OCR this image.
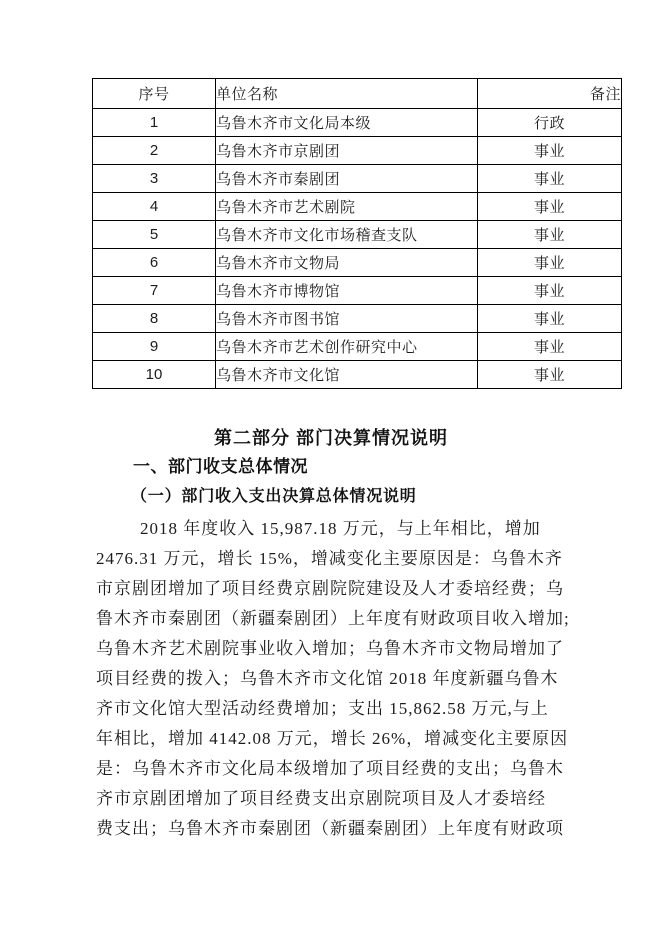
序号	单位名称	备注
1	乌鲁木齐市文化局本级	行政
2	乌鲁木齐市京剧团	事业
3	乌鲁木齐市秦剧团	事业
4	乌鲁木齐市艺术剧院	事业
5	乌鲁木齐市文化市场稽查支队	事业
6	乌鲁木齐市文物局	事业
7	乌鲁木齐市博物馆	事业
8	乌鲁木齐市图书馆	事业
9	乌鲁木齐市艺术创作研究中心	事业
10	乌鲁木齐市文化馆	事业
第二部分 部门决算情况说明
一、部门收支总体情况
（一）部门收入支出决算总体情况说明
2018 年度收入 15,987.18 万元，与上年相比，增加
2476.31 万元，增长 15%，增减变化主要原因是：乌鲁木齐
市京剧团增加了项目经费京剧院院建设及人才委培经费；乌
鲁木齐市秦剧团（新疆秦剧团）上年度有财政项目收入增加;
乌鲁木齐艺术剧院事业收入增加；乌鲁木齐市文物局增加了
项目经费的拨入；乌鲁木齐市文化馆 2018 年度新疆乌鲁木
齐市文化馆大型活动经费增加；支出 15,862.58 万元,与上
年相比，增加 4142.08 万元，增长 26%，增减变化主要原因
是：乌鲁木齐市文化局本级增加了项目经费的支出；乌鲁木
齐市京剧团增加了项目经费支出京剧院项目及人才委培经
费支出；乌鲁木齐市秦剧团（新疆秦剧团）上年度有财政项
